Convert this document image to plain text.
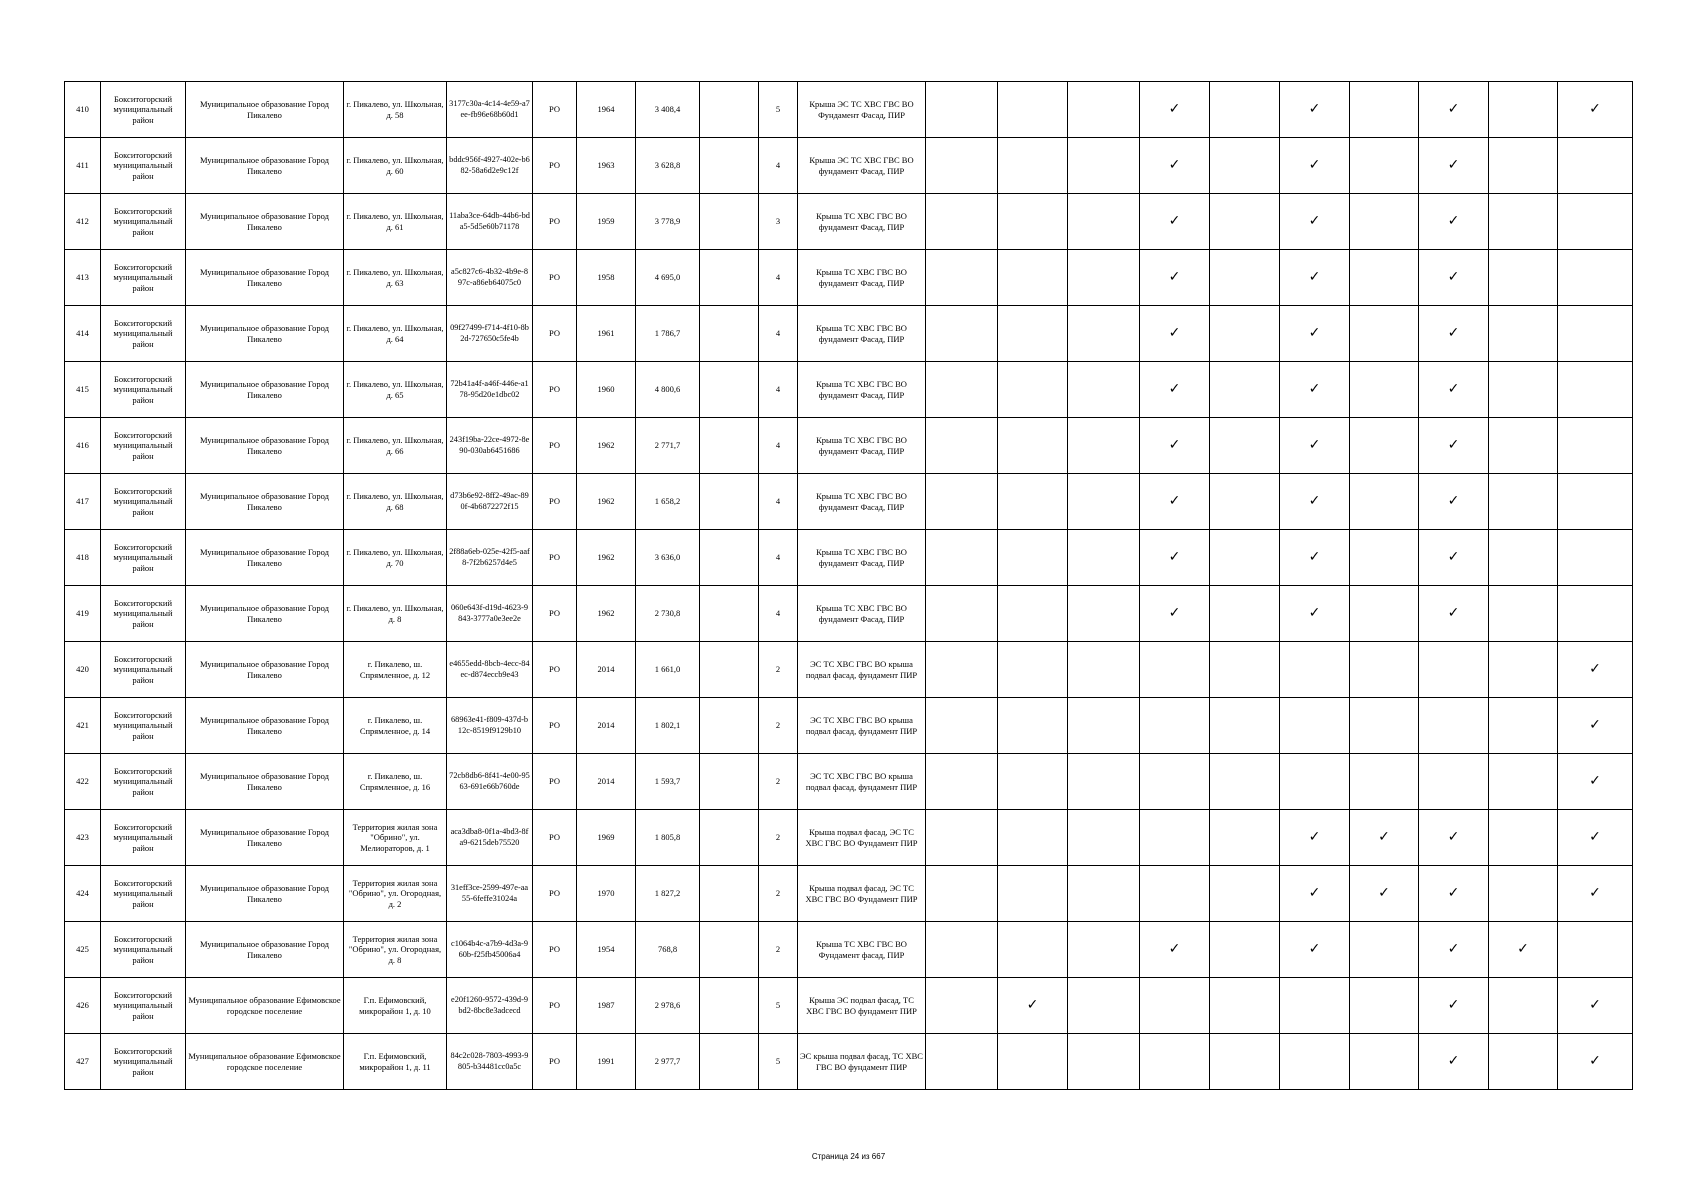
410	Бокситогорский муниципальный район	Муниципальное образование Город Пикалево	г. Пикалево, ул. Школьная, д. 58	3177c30a-4c14-4e59-a7ee-fb96e68b60d1	РО	1964	3 408,4		5	Крыша ЭС ТС ХВС ГВС ВО Фундамент Фасад, ПИР				✓		✓		✓		✓
411	Бокситогорский муниципальный район	Муниципальное образование Город Пикалево	г. Пикалево, ул. Школьная, д. 60	bddc956f-4927-402e-b682-58a6d2e9c12f	РО	1963	3 628,8		4	Крыша ЭС ТС ХВС ГВС ВО фундамент Фасад, ПИР				✓		✓		✓		
412	Бокситогорский муниципальный район	Муниципальное образование Город Пикалево	г. Пикалево, ул. Школьная, д. 61	11aba3ce-64db-44b6-bda5-5d5e60b71178	РО	1959	3 778,9		3	Крыша ТС ХВС ГВС ВО фундамент Фасад, ПИР				✓		✓		✓		
413	Бокситогорский муниципальный район	Муниципальное образование Город Пикалево	г. Пикалево, ул. Школьная, д. 63	a5c827c6-4b32-4b9e-897c-a86eb64075c0	РО	1958	4 695,0		4	Крыша ТС ХВС ГВС ВО фундамент Фасад, ПИР				✓		✓		✓		
414	Бокситогорский муниципальный район	Муниципальное образование Город Пикалево	г. Пикалево, ул. Школьная, д. 64	09f27499-f714-4f10-8b2d-727650c5fe4b	РО	1961	1 786,7		4	Крыша ТС ХВС ГВС ВО фундамент Фасад, ПИР				✓		✓		✓		
415	Бокситогорский муниципальный район	Муниципальное образование Город Пикалево	г. Пикалево, ул. Школьная, д. 65	72b41a4f-a46f-446e-a178-95d20e1dbc02	РО	1960	4 800,6		4	Крыша ТС ХВС ГВС ВО фундамент Фасад, ПИР				✓		✓		✓		
416	Бокситогорский муниципальный район	Муниципальное образование Город Пикалево	г. Пикалево, ул. Школьная, д. 66	243f19ba-22ce-4972-8e90-030ab6451686	РО	1962	2 771,7		4	Крыша ТС ХВС ГВС ВО фундамент Фасад, ПИР				✓		✓		✓		
417	Бокситогорский муниципальный район	Муниципальное образование Город Пикалево	г. Пикалево, ул. Школьная, д. 68	d73b6e92-8ff2-49ac-890f-4b6872272f15	РО	1962	1 658,2		4	Крыша ТС ХВС ГВС ВО фундамент Фасад, ПИР				✓		✓		✓		
418	Бокситогорский муниципальный район	Муниципальное образование Город Пикалево	г. Пикалево, ул. Школьная, д. 70	2f88a6eb-025e-42f5-aaf8-7f2b6257d4e5	РО	1962	3 636,0		4	Крыша ТС ХВС ГВС ВО фундамент Фасад, ПИР				✓		✓		✓		
419	Бокситогорский муниципальный район	Муниципальное образование Город Пикалево	г. Пикалево, ул. Школьная, д. 8	060e643f-d19d-4623-9843-3777a0e3ee2e	РО	1962	2 730,8		4	Крыша ТС ХВС ГВС ВО фундамент Фасад, ПИР				✓		✓		✓		
420	Бокситогорский муниципальный район	Муниципальное образование Город Пикалево	г. Пикалево, ш. Спрямленное, д. 12	e4655edd-8bcb-4ecc-84ec-d874eccb9e43	РО	2014	1 661,0		2	ЭС ТС ХВС ГВС ВО крыша подвал фасад, фундамент ПИР										✓
421	Бокситогорский муниципальный район	Муниципальное образование Город Пикалево	г. Пикалево, ш. Спрямленное, д. 14	68963e41-f809-437d-b12c-8519f9129b10	РО	2014	1 802,1		2	ЭС ТС ХВС ГВС ВО крыша подвал фасад, фундамент ПИР										✓
422	Бокситогорский муниципальный район	Муниципальное образование Город Пикалево	г. Пикалево, ш. Спрямленное, д. 16	72cb8db6-8f41-4e00-9563-691e66b760de	РО	2014	1 593,7		2	ЭС ТС ХВС ГВС ВО крыша подвал фасад, фундамент ПИР										✓
423	Бокситогорский муниципальный район	Муниципальное образование Город Пикалево	Территория жилая зона "Обрино", ул. Мелиораторов, д. 1	aca3dba8-0f1a-4bd3-8fa9-6215deb75520	РО	1969	1 805,8		2	Крыша подвал фасад, ЭС ТС ХВС ГВС ВО Фундамент ПИР						✓	✓	✓		✓
424	Бокситогорский муниципальный район	Муниципальное образование Город Пикалево	Территория жилая зона "Обрино", ул. Огородная, д. 2	31eff3ce-2599-497e-aa55-6feffe31024a	РО	1970	1 827,2		2	Крыша подвал фасад, ЭС ТС ХВС ГВС ВО Фундамент ПИР						✓	✓	✓		✓
425	Бокситогорский муниципальный район	Муниципальное образование Город Пикалево	Территория жилая зона "Обрино", ул. Огородная, д. 8	c1064b4c-a7b9-4d3a-960b-f25fb45006a4	РО	1954	768,8		2	Крыша ТС ХВС ГВС ВО Фундамент фасад, ПИР				✓		✓		✓	✓	
426	Бокситогорский муниципальный район	Муниципальное образование Ефимовское городское поселение	Г.п. Ефимовский, микрорайон 1, д. 10	e20f1260-9572-439d-9bd2-8bc8e3adcecd	РО	1987	2 978,6		5	Крыша ЭС подвал фасад, ТС ХВС ГВС ВО фундамент ПИР		✓						✓		✓
427	Бокситогорский муниципальный район	Муниципальное образование Ефимовское городское поселение	Г.п. Ефимовский, микрорайон 1, д. 11	84c2c028-7803-4993-9805-b34481cc0a5c	РО	1991	2 977,7		5	ЭС крыша подвал фасад, ТС ХВС ГВС ВО фундамент ПИР								✓		✓
Страница 24 из 667
